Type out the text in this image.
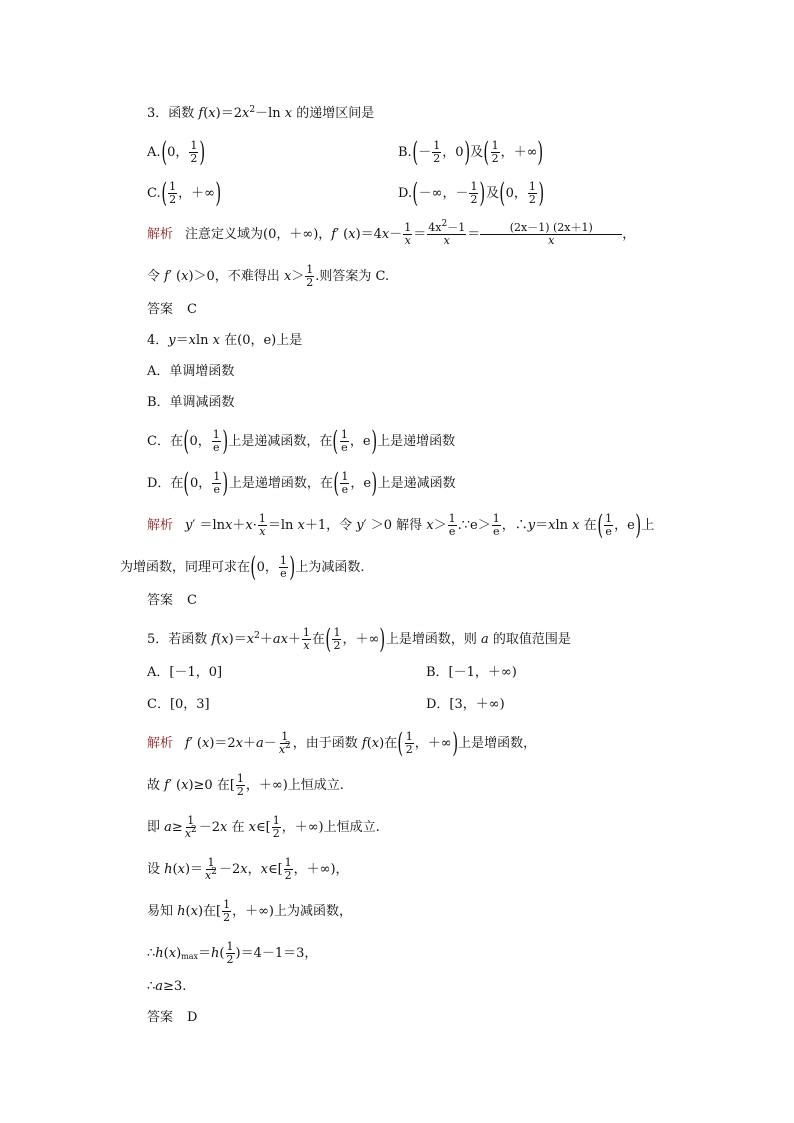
3．函数 $f(x)=2x^2-\ln$ x 的递增区间是
A.(0， $\frac{1}{2}$ )	$B.(- \frac{1}{2}$ ，0)及( $\frac{1}{2}$ ，＋∞)
$C.( \frac{1}{2}$ ，＋∞)	D.(－∞，－ $\frac{1}{2}$ )及(0， $\frac{1}{2}$ )
解析 注意定义域为(0，＋∞)，f′ $(x)=4x- \frac{1}{x} = \frac{4x^2-1}{x} = \frac{(2x-1) (2x+1)}{x}$ ，
令 f′ (x)＞0，不难得出 $x> \frac{1}{2}$ .则答案为 C.
答案 C
4．y＝xln x 在(0，e)上是
A．单调增函数
B．单调减函数
C．在(0， $\frac{1}{e}$ )上是递减函数，在( $\frac{1}{e}$ ，e)上是递增函数
D．在(0， $\frac{1}{e}$ )上是递增函数，在( $\frac{1}{e}$ ，e)上是递减函数
解析 $y' =\ln x+x\cdot \frac{1}{x} =\ln$ x＋1，令 y′ ＞0 解得 $x> \frac{1}{e}$ .∵e＞ $\frac{1}{e}$ ，∴y＝xln x 在( $\frac{1}{e}$ ，e)上
为增函数，同理可求在(0， $\frac{1}{e}$ )上为减函数.
答案 C
5．若函数 $f(x)=x^2+ax+ \frac{1}{x}$ 在( $\frac{1}{2}$ ，＋∞)上是增函数，则 a 的取值范围是
A．[－1，0]	B．[－1，＋∞)
C．[0，3]	D．[3，＋∞)
解析 f′ $(x)=2x+a- \frac{1}{x^2}$ ，由于函数 f(x)在( $\frac{1}{2}$ ，＋∞)上是增函数，
故 f′ (x)≥0 在[ $\frac{1}{2}$ ，＋∞)上恒成立.
即 $a\ge \frac{1}{x^2} -2x$ 在 x∈[ $\frac{1}{2}$ ，＋∞)上恒成立.
设 $h(x)= \frac{1}{x^2} -2x$，x∈[ $\frac{1}{2}$ ，＋∞)，
易知 h(x)在[ $\frac{1}{2}$ ，＋∞)上为减函数，
$\therefore h(x)_{max}=h( \frac{1}{2} )=4-1=3$，
∴a≥3.
答案 D
